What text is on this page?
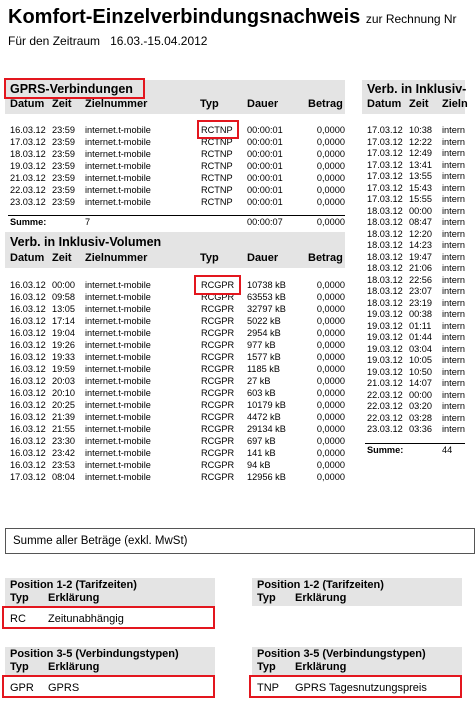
Komfort-Einzelverbindungsnachweis zur Rechnung Nr
Für den Zeitraum 16.03.-15.04.2012
GPRS-Verbindungen
Datum Zeit Zielnummer	Typ	Dauer	Betrag
16.03.12 23:59 internet.t-mobile	RCTNP 00:00:01	0,0000
17.03.12 23:59 internet.t-mobile	RCTNP 00:00:01	0,0000
18.03.12 23:59 internet.t-mobile	RCTNP 00:00:01	0,0000
19.03.12 23:59 internet.t-mobile	RCTNP 00:00:01	0,0000
21.03.12 23:59 internet.t-mobile	RCTNP 00:00:01	0,0000
22.03.12 23:59 internet.t-mobile	RCTNP 00:00:01	0,0000
23.03.12 23:59 internet.t-mobile	RCTNP 00:00:01	0,0000
Summe:	7	00:00:07	0,0000
Verb. in Inklusiv-Volumen
Datum Zeit Zielnummer	Typ	Dauer	Betrag
16.03.12 00:00 internet.t-mobile	RCGPR 10738 kB	0,0000
16.03.12 09:58 internet.t-mobile	RCGPR 63553 kB	0,0000
16.03.12 13:05 internet.t-mobile	RCGPR 32797 kB	0,0000
16.03.12 17:14 internet.t-mobile	RCGPR 5022 kB	0,0000
16.03.12 19:04 internet.t-mobile	RCGPR 2954 kB	0,0000
16.03.12 19:26 internet.t-mobile	RCGPR 977 kB	0,0000
16.03.12 19:33 internet.t-mobile	RCGPR 1577 kB	0,0000
16.03.12 19:59 internet.t-mobile	RCGPR 1185 kB	0,0000
16.03.12 20:03 internet.t-mobile	RCGPR 27 kB	0,0000
16.03.12 20:10 internet.t-mobile	RCGPR 603 kB	0,0000
16.03.12 20:25 internet.t-mobile	RCGPR 10179 kB	0,0000
16.03.12 21:39 internet.t-mobile	RCGPR 4472 kB	0,0000
16.03.12 21:55 internet.t-mobile	RCGPR 29134 kB	0,0000
16.03.12 23:30 internet.t-mobile	RCGPR 697 kB	0,0000
16.03.12 23:42 internet.t-mobile	RCGPR 141 kB	0,0000
16.03.12 23:53 internet.t-mobile	RCGPR 94 kB	0,0000
17.03.12 08:04 internet.t-mobile	RCGPR 12956 kB	0,0000
Verb. in Inklusiv-
Datum Zeit Zieln
17.03.12 10:38 intern
17.03.12 12:22 intern
17.03.12 12:49 intern
17.03.12 13:41 intern
17.03.12 13:55 intern
17.03.12 15:43 intern
17.03.12 15:55 intern
18.03.12 00:00 intern
18.03.12 08:47 intern
18.03.12 12:20 intern
18.03.12 14:23 intern
18.03.12 19:47 intern
18.03.12 21:06 intern
18.03.12 22:56 intern
18.03.12 23:07 intern
18.03.12 23:19 intern
19.03.12 00:38 intern
19.03.12 01:11 intern
19.03.12 01:44 intern
19.03.12 03:04 intern
19.03.12 10:05 intern
19.03.12 10:50 intern
21.03.12 14:07 intern
22.03.12 00:00 intern
22.03.12 03:20 intern
22.03.12 03:28 intern
23.03.12 03:36 intern
Summe:	44
Summe aller Beträge (exkl. MwSt)
Position 1-2 (Tarifzeiten)
Typ Erklärung
RC Zeitunabhängig
Position 3-5 (Verbindungstypen)
Typ Erklärung
GPR GPRS
Position 1-2 (Tarifzeiten)
Typ Erklärung
Position 3-5 (Verbindungstypen)
Typ Erklärung
TNP GPRS Tagesnutzungspreis
